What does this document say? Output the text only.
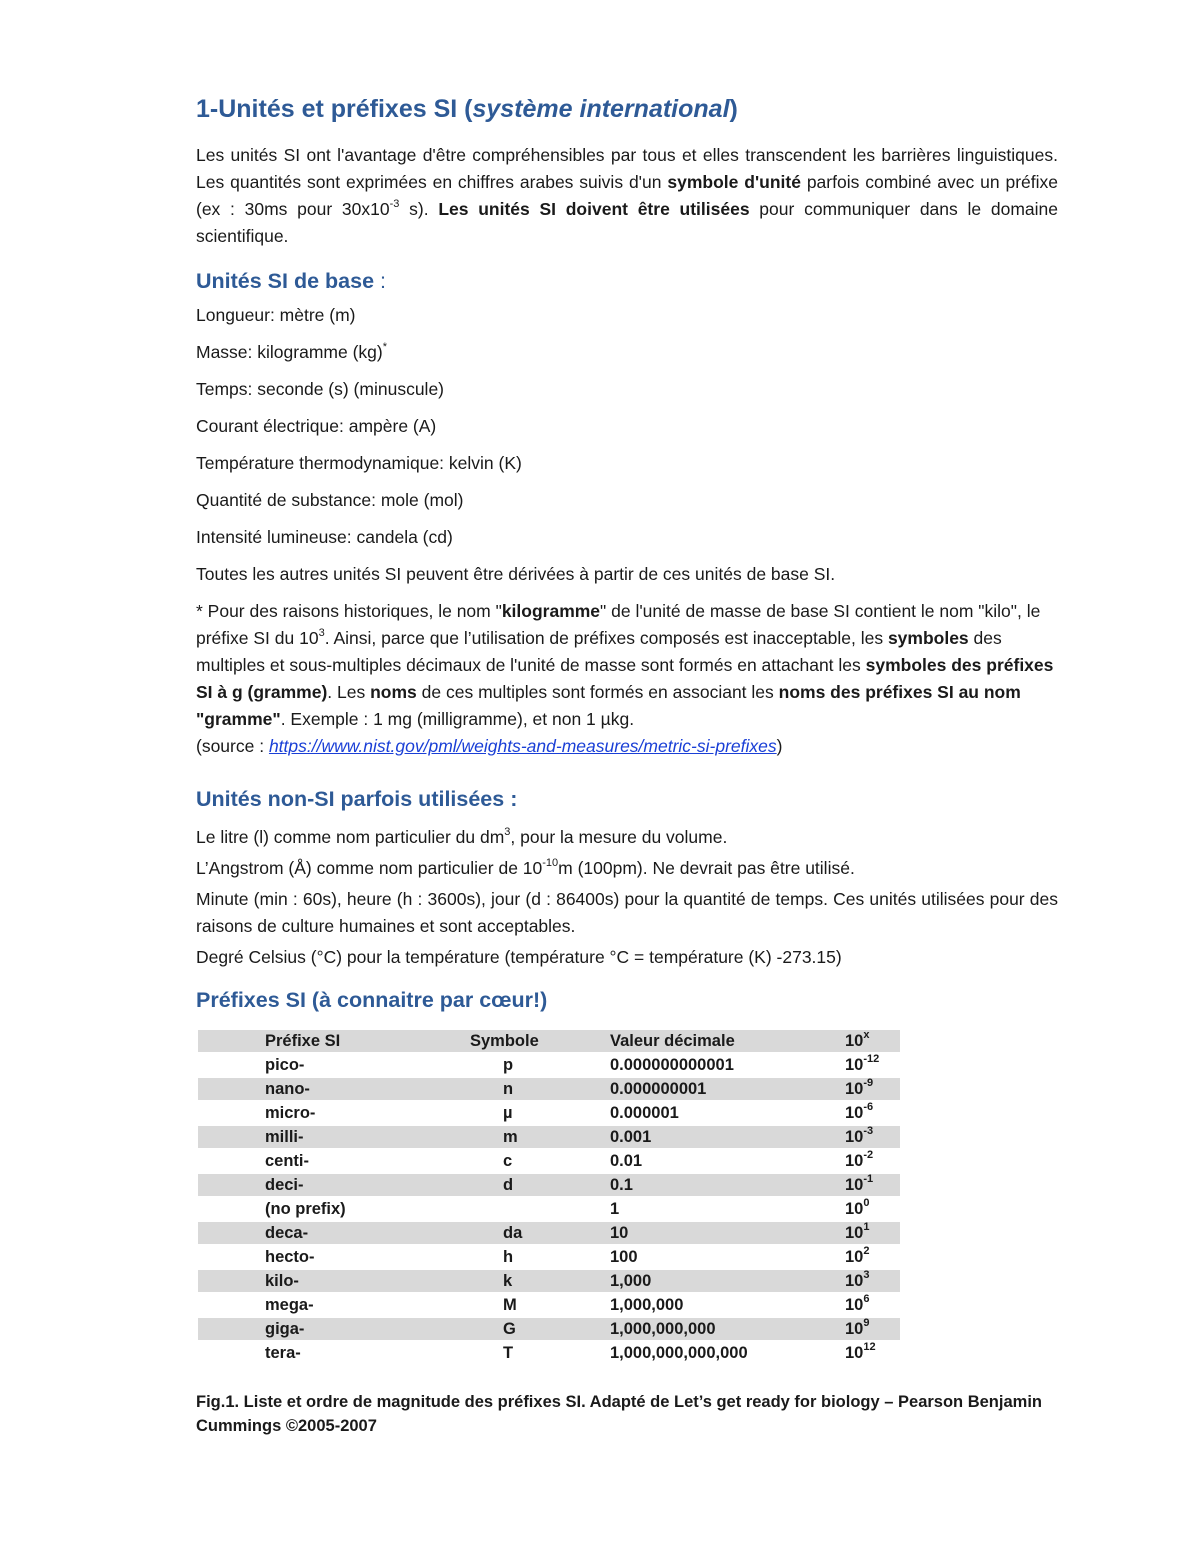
1-Unités et préfixes SI (système international)

Les unités SI ont l'avantage d'être compréhensibles par tous et elles transcendent les barrières linguistiques. Les quantités sont exprimées en chiffres arabes suivis d'un symbole d'unité parfois combiné avec un préfixe (ex : 30ms pour $30x10^{-3}$ s). Les unités SI doivent être utilisées pour communiquer dans le domaine scientifique.

Unités SI de base :

Longueur: mètre (m)

Masse: kilogramme (kg)*

Temps: seconde (s) (minuscule)

Courant électrique: ampère (A)

Température thermodynamique: kelvin (K)

Quantité de substance: mole (mol)

Intensité lumineuse: candela (cd)

Toutes les autres unités SI peuvent être dérivées à partir de ces unités de base SI.

* Pour des raisons historiques, le nom "kilogramme" de l'unité de masse de base SI contient le nom "kilo", le préfixe SI du $10^3$. Ainsi, parce que l’utilisation de préfixes composés est inacceptable, les symboles des multiples et sous-multiples décimaux de l'unité de masse sont formés en attachant les symboles des préfixes SI à g (gramme). Les noms de ces multiples sont formés en associant les noms des préfixes SI au nom "gramme". Exemple : 1 mg (milligramme), et non 1 µkg.
(source : https://www.nist.gov/pml/weights-and-measures/metric-si-prefixes)

Unités non-SI parfois utilisées :

Le litre (l) comme nom particulier du $dm^3$, pour la mesure du volume.

L’Angstrom (Å) comme nom particulier de $10^{-10}m$ (100pm). Ne devrait pas être utilisé.

Minute (min : 60s), heure (h : 3600s), jour (d : 86400s) pour la quantité de temps. Ces unités utilisées pour des raisons de culture humaines et sont acceptables.

Degré Celsius (°C) pour la température (température °C = température (K) -273.15)

Préfixes SI (à connaitre par cœur!)
Préfixe SI	Symbole	Valeur décimale	10$^x$
pico-	p	0.000000000001	$10^{-12}$
nano-	n	0.000000001	$10^{-9}$
micro-	µ	0.000001	$10^{-6}$
milli-	m	0.001	$10^{-3}$
centi-	c	0.01	$10^{-2}$
deci-	d	0.1	$10^{-1}$
(no prefix)		1	$10^0$
deca-	da	10	$10^1$
hecto-	h	100	$10^2$
kilo-	k	1,000	$10^3$
mega-	M	1,000,000	$10^6$
giga-	G	1,000,000,000	$10^9$
tera-	T	1,000,000,000,000	$10^{12}$
Fig.1. Liste et ordre de magnitude des préfixes SI. Adapté de Let’s get ready for biology – Pearson Benjamin Cummings ©2005-2007
